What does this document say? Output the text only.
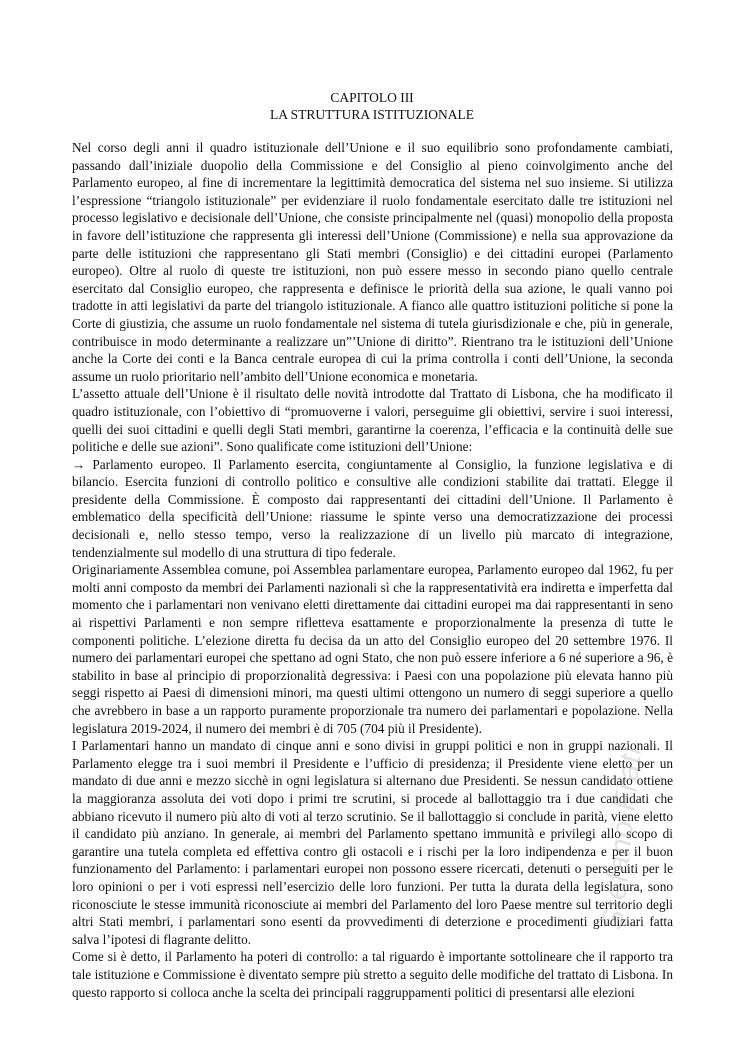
CAPITOLO III
LA STRUTTURA ISTITUZIONALE

Nel corso degli anni il quadro istituzionale dell’Unione e il suo equilibrio sono profondamente cambiati, passando dall’iniziale duopolio della Commissione e del Consiglio al pieno coinvolgimento anche del Parlamento europeo, al fine di incrementare la legittimità democratica del sistema nel suo insieme. Si utilizza l’espressione “triangolo istituzionale” per evidenziare il ruolo fondamentale esercitato dalle tre istituzioni nel processo legislativo e decisionale dell’Unione, che consiste principalmente nel (quasi) monopolio della proposta in favore dell’istituzione che rappresenta gli interessi dell’Unione (Commissione) e nella sua approvazione da parte delle istituzioni che rappresentano gli Stati membri (Consiglio) e dei cittadini europei (Parlamento europeo). Oltre al ruolo di queste tre istituzioni, non può essere messo in secondo piano quello centrale esercitato dal Consiglio europeo, che rappresenta e definisce le priorità della sua azione, le quali vanno poi tradotte in atti legislativi da parte del triangolo istituzionale. A fianco alle quattro istituzioni politiche si pone la Corte di giustizia, che assume un ruolo fondamentale nel sistema di tutela giurisdizionale e che, più in generale, contribuisce in modo determinante a realizzare un”’Unione di diritto”. Rientrano tra le istituzioni dell’Unione anche la Corte dei conti e la Banca centrale europea di cui la prima controlla i conti dell’Unione, la seconda assume un ruolo prioritario nell’ambito dell’Unione economica e monetaria.

L’assetto attuale dell’Unione è il risultato delle novità introdotte dal Trattato di Lisbona, che ha modificato il quadro istituzionale, con l’obiettivo di “promuoverne i valori, perseguime gli obiettivi, servire i suoi interessi, quelli dei suoi cittadini e quelli degli Stati membri, garantirne la coerenza, l’efficacia e la continuità delle sue politiche e delle sue azioni”. Sono qualificate come istituzioni dell’Unione:

→ Parlamento europeo. Il Parlamento esercita, congiuntamente al Consiglio, la funzione legislativa e di bilancio. Esercita funzioni di controllo politico e consultive alle condizioni stabilite dai trattati. Elegge il presidente della Commissione. È composto dai rappresentanti dei cittadini dell’Unione. Il Parlamento è emblematico della specificità dell’Unione: riassume le spinte verso una democratizzazione dei processi decisionali e, nello stesso tempo, verso la realizzazione di un livello più marcato di integrazione, tendenzialmente sul modello di una struttura di tipo federale.

Originariamente Assemblea comune, poi Assemblea parlamentare europea, Parlamento europeo dal 1962, fu per molti anni composto da membri dei Parlamenti nazionali sì che la rappresentatività era indiretta e imperfetta dal momento che i parlamentari non venivano eletti direttamente dai cittadini europei ma dai rappresentanti in seno ai rispettivi Parlamenti e non sempre rifletteva esattamente e proporzionalmente la presenza di tutte le componenti politiche. L’elezione diretta fu decisa da un atto del Consiglio europeo del 20 settembre 1976. Il numero dei parlamentari europei che spettano ad ogni Stato, che non può essere inferiore a 6 né superiore a 96, è stabilito in base al principio di proporzionalità degressiva: i Paesi con una popolazione più elevata hanno più seggi rispetto ai Paesi di dimensioni minori, ma questi ultimi ottengono un numero di seggi superiore a quello che avrebbero in base a un rapporto puramente proporzionale tra numero dei parlamentari e popolazione. Nella legislatura 2019-2024, il numero dei membri è di 705 (704 più il Presidente).

I Parlamentari hanno un mandato di cinque anni e sono divisi in gruppi politici e non in gruppi nazionali. Il Parlamento elegge tra i suoi membri il Presidente e l’ufficio di presidenza; il Presidente viene eletto per un mandato di due anni e mezzo sicchè in ogni legislatura si alternano due Presidenti. Se nessun candidato ottiene la maggioranza assoluta dei voti dopo i primi tre scrutini, si procede al ballottaggio tra i due candidati che abbiano ricevuto il numero più alto di voti al terzo scrutinio. Se il ballottaggio si conclude in parità, viene eletto il candidato più anziano. In generale, ai membri del Parlamento spettano immunità e privilegi allo scopo di garantire una tutela completa ed effettiva contro gli ostacoli e i rischi per la loro indipendenza e per il buon funzionamento del Parlamento: i parlamentari europei non possono essere ricercati, detenuti o perseguiti per le loro opinioni o per i voti espressi nell’esercizio delle loro funzioni. Per tutta la durata della legislatura, sono riconosciute le stesse immunità riconosciute ai membri del Parlamento del loro Paese mentre sul territorio degli altri Stati membri, i parlamentari sono esenti da provvedimenti di deterzione e procedimenti giudiziari fatta salva l’ipotesi di flagrante delitto.

Come si è detto, il Parlamento ha poteri di controllo: a tal riguardo è importante sottolineare che il rapporto tra tale istituzione e Commissione è diventato sempre più stretto a seguito delle modifiche del trattato di Lisbona. In questo rapporto si colloca anche la scelta dei principali raggruppamenti politici di presentarsi alle elezioni

Stefano Frati
